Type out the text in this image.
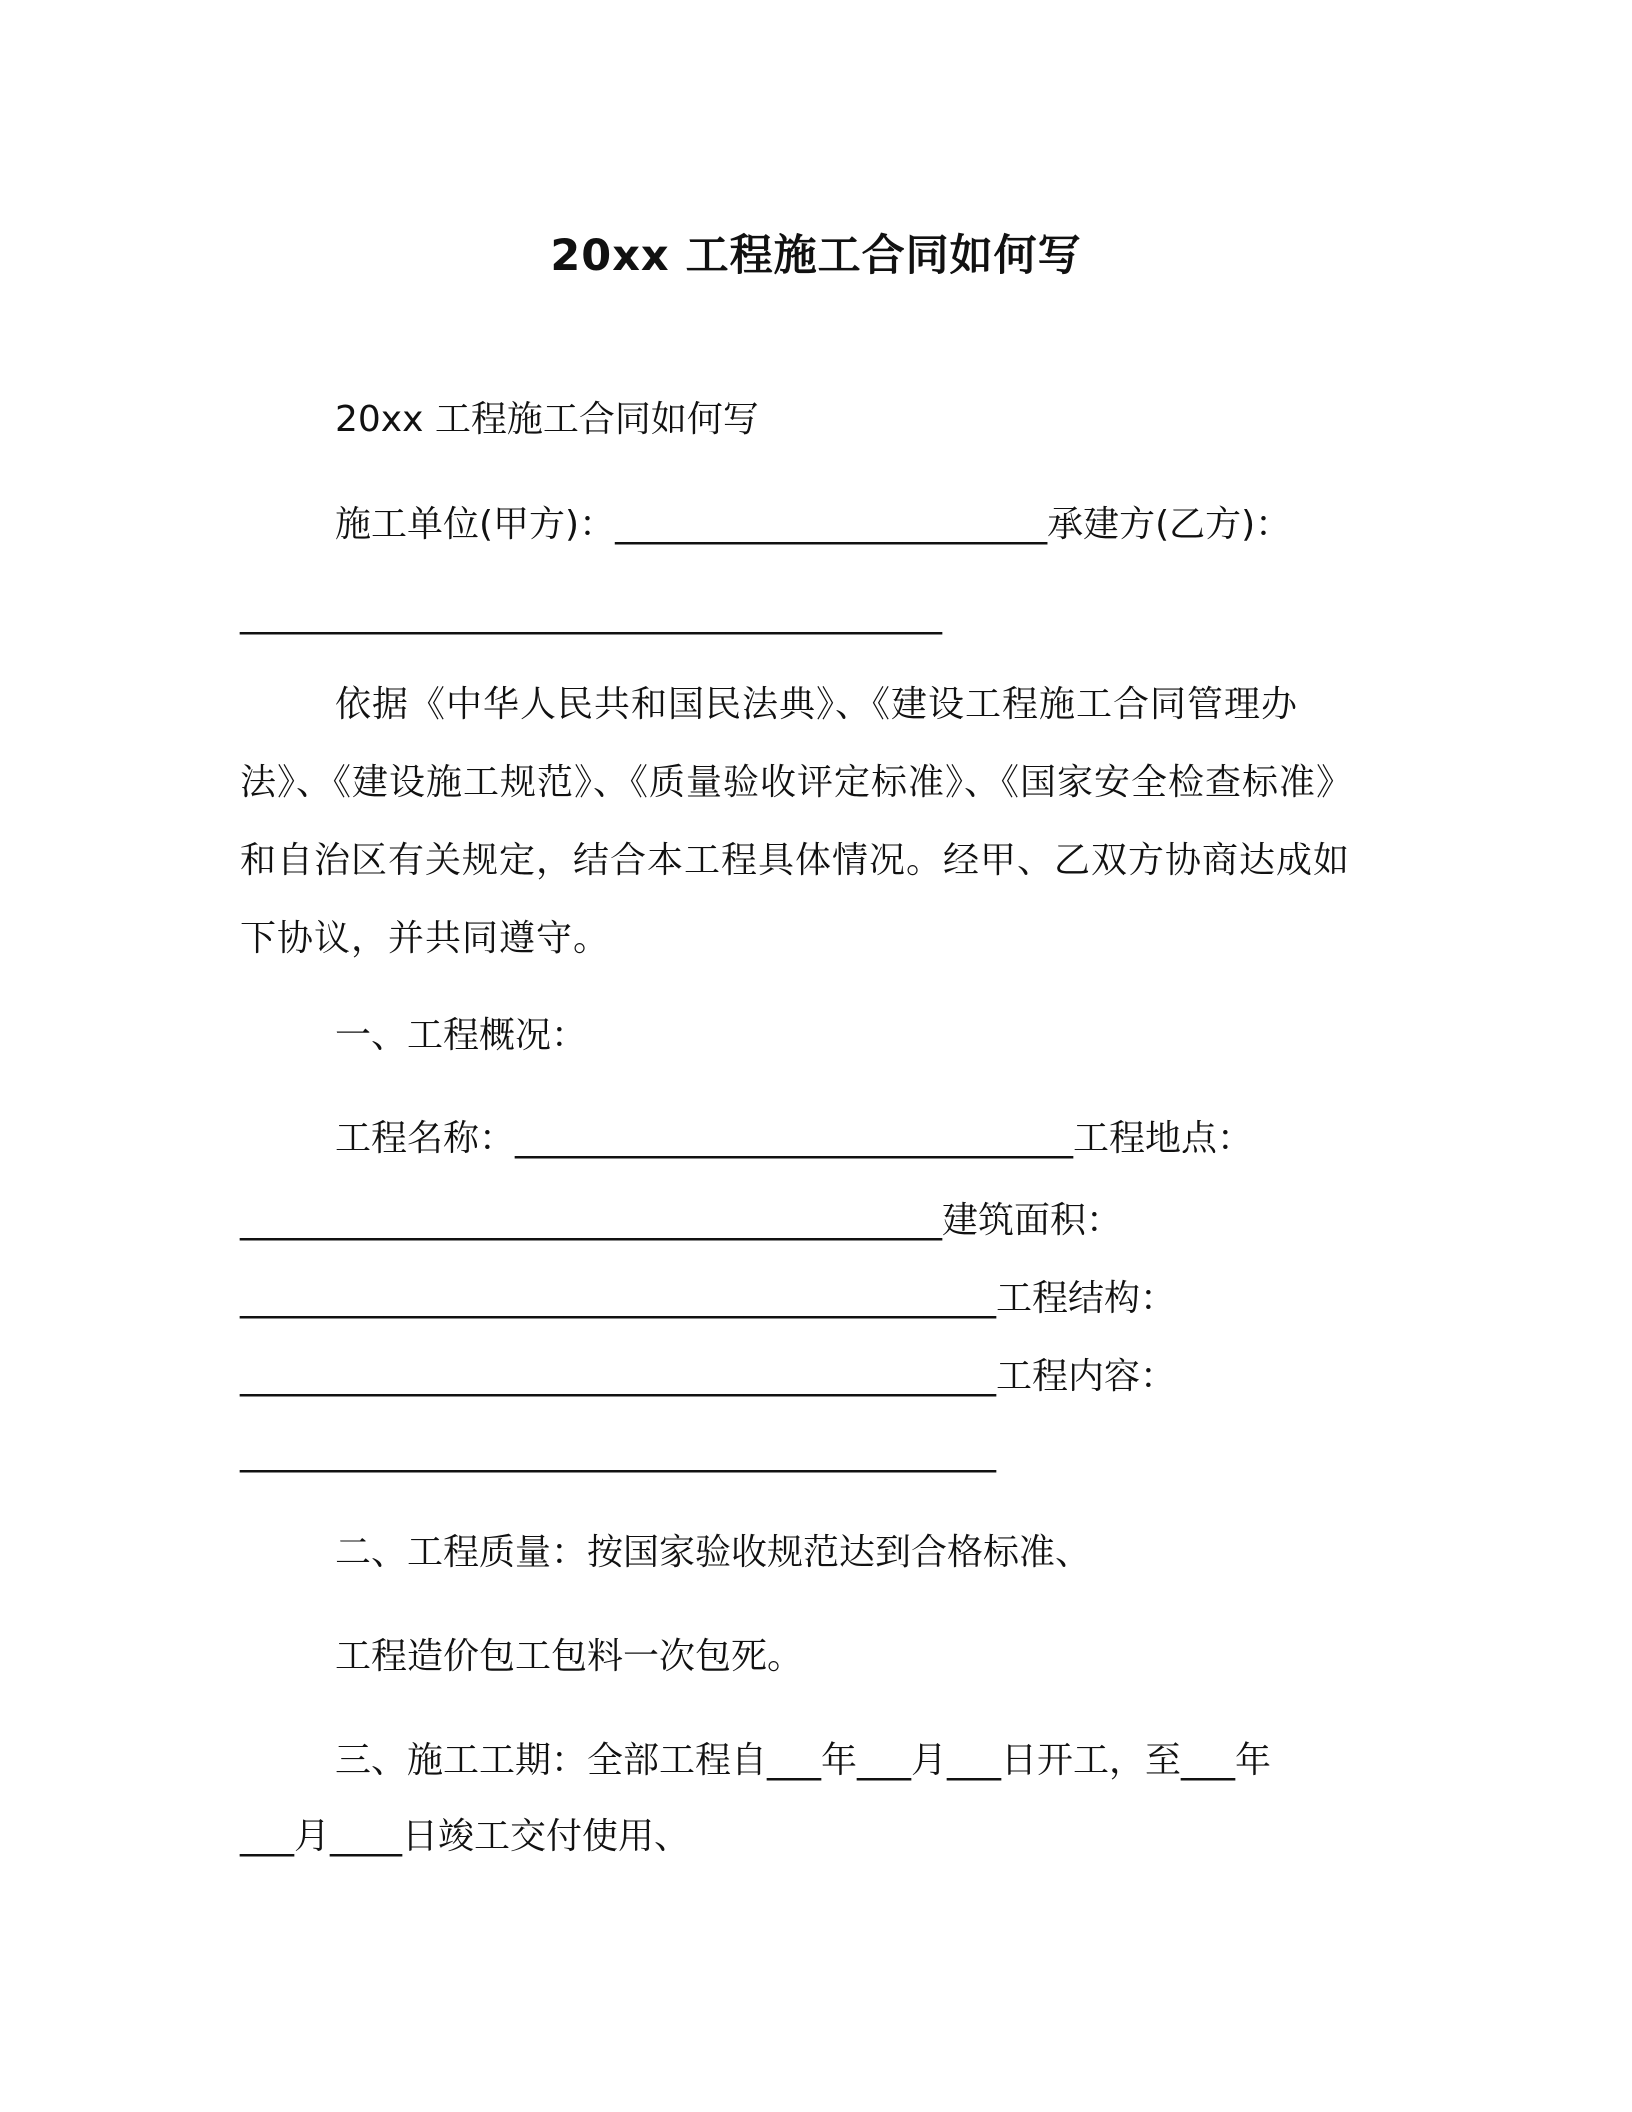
20xx 工程施工合同如何写
20xx 工程施工合同如何写
施工单位(甲方)：________________________承建方(乙方)：
_______________________________________
依据《中华人民共和国民法典》、《建设工程施工合同管理办法》、《建设施工规范》、《质量验收评定标准》、《国家安全检查标准》和自治区有关规定，结合本工程具体情况。经甲、乙双方协商达成如下协议，并共同遵守。
一、工程概况：
工程名称：_______________________________工程地点：
_______________________________________建筑面积：
__________________________________________工程结构：
__________________________________________工程内容：
__________________________________________
二、工程质量：按国家验收规范达到合格标准、
工程造价包工包料一次包死。
三、施工工期：全部工程自___年___月___日开工，至___年
___月____日竣工交付使用、
